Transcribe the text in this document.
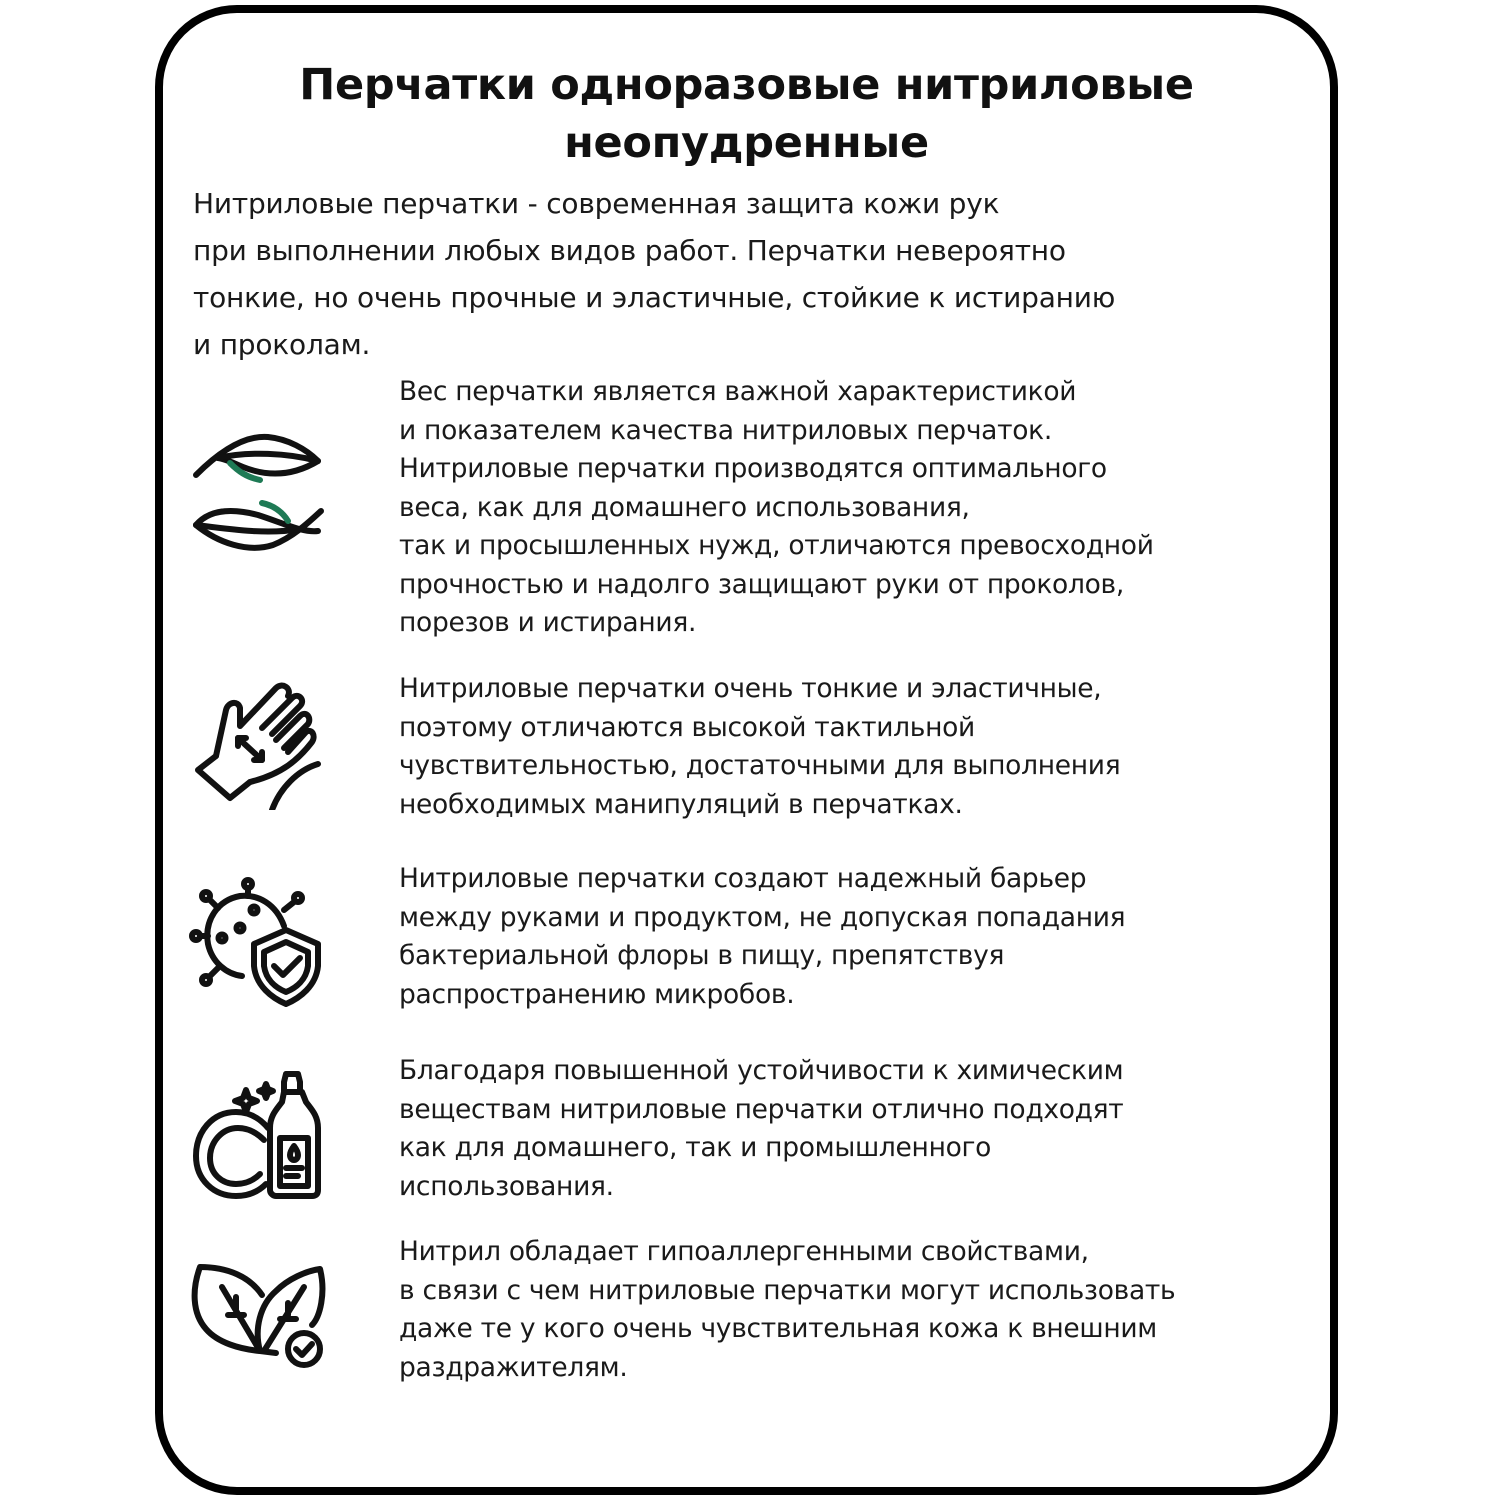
Перчатки одноразовые нитриловые
неопудренные
Нитриловые перчатки - современная защита кожи рук
при выполнении любых видов работ. Перчатки невероятно
тонкие, но очень прочные и эластичные, стойкие к истиранию
и проколам.
Вес перчатки является важной характеристикой
и показателем качества нитриловых перчаток.
Нитриловые перчатки производятся оптимального
веса, как для домашнего использования,
так и просышленных нужд, отличаются превосходной
прочностью и надолго защищают руки от проколов,
порезов и истирания.
Нитриловые перчатки очень тонкие и эластичные,
поэтому отличаются высокой тактильной
чувствительностью, достаточными для выполнения
необходимых манипуляций в перчатках.
Нитриловые перчатки создают надежный барьер
между руками и продуктом, не допуская попадания
бактериальной флоры в пищу, препятствуя
распространению микробов.
Благодаря повышенной устойчивости к химическим
веществам нитриловые перчатки отлично подходят
как для домашнего, так и промышленного
использования.
Нитрил обладает гипоаллергенными свойствами,
в связи с чем нитриловые перчатки могут использовать
даже те у кого очень чувствительная кожа к внешним
раздражителям.
